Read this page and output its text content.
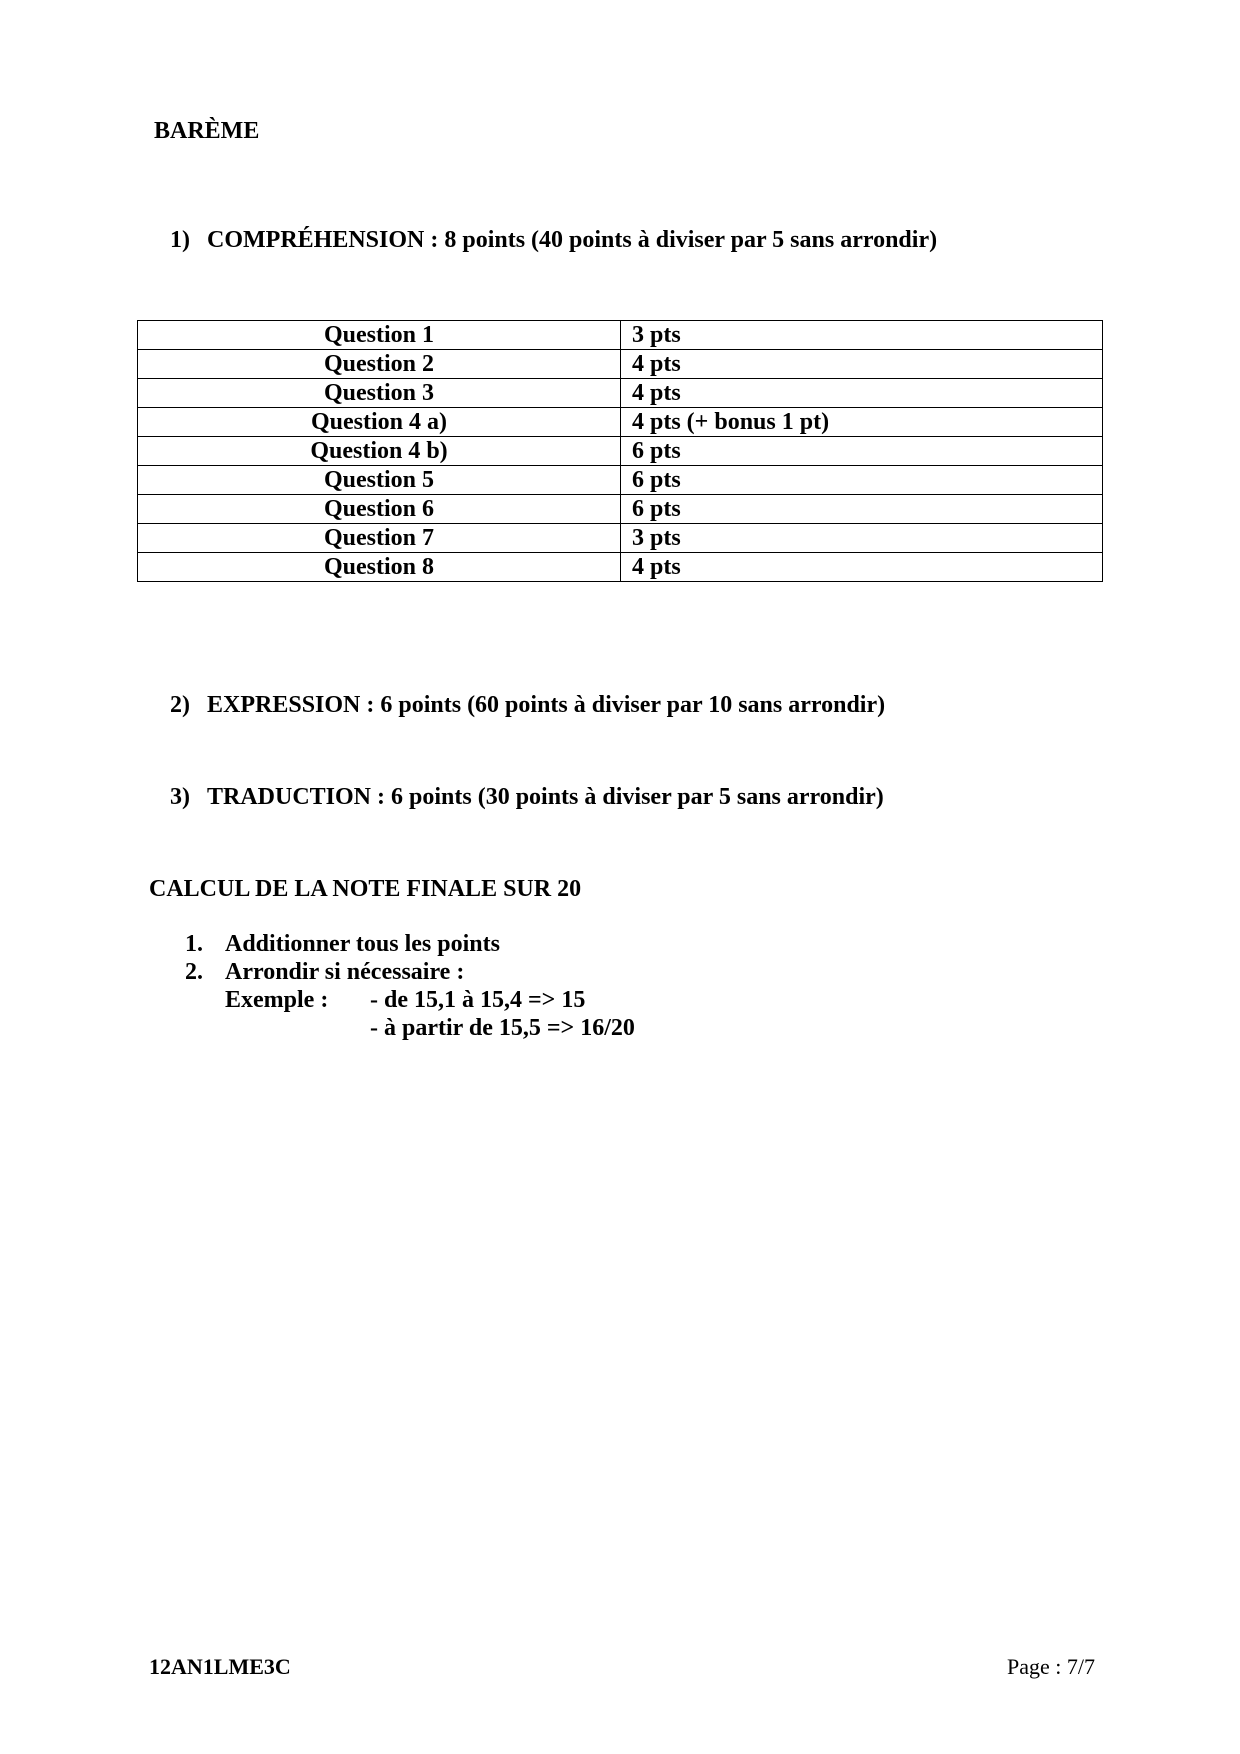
BARÈME
1) COMPRÉHENSION : 8 points (40 points à diviser par 5 sans arrondir)
Question 1	3 pts
Question 2	4 pts
Question 3	4 pts
Question 4 a)	4 pts (+ bonus 1 pt)
Question 4 b)	6 pts
Question 5	6 pts
Question 6	6 pts
Question 7	3 pts
Question 8	4 pts
2) EXPRESSION : 6 points (60 points à diviser par 10 sans arrondir)
3) TRADUCTION : 6 points (30 points à diviser par 5 sans arrondir)
CALCUL DE LA NOTE FINALE SUR 20
1. Additionner tous les points
2. Arrondir si nécessaire :
Exemple : - de 15,1 à 15,4 => 15
- à partir de 15,5 => 16/20
12AN1LME3C	Page : 7/7
